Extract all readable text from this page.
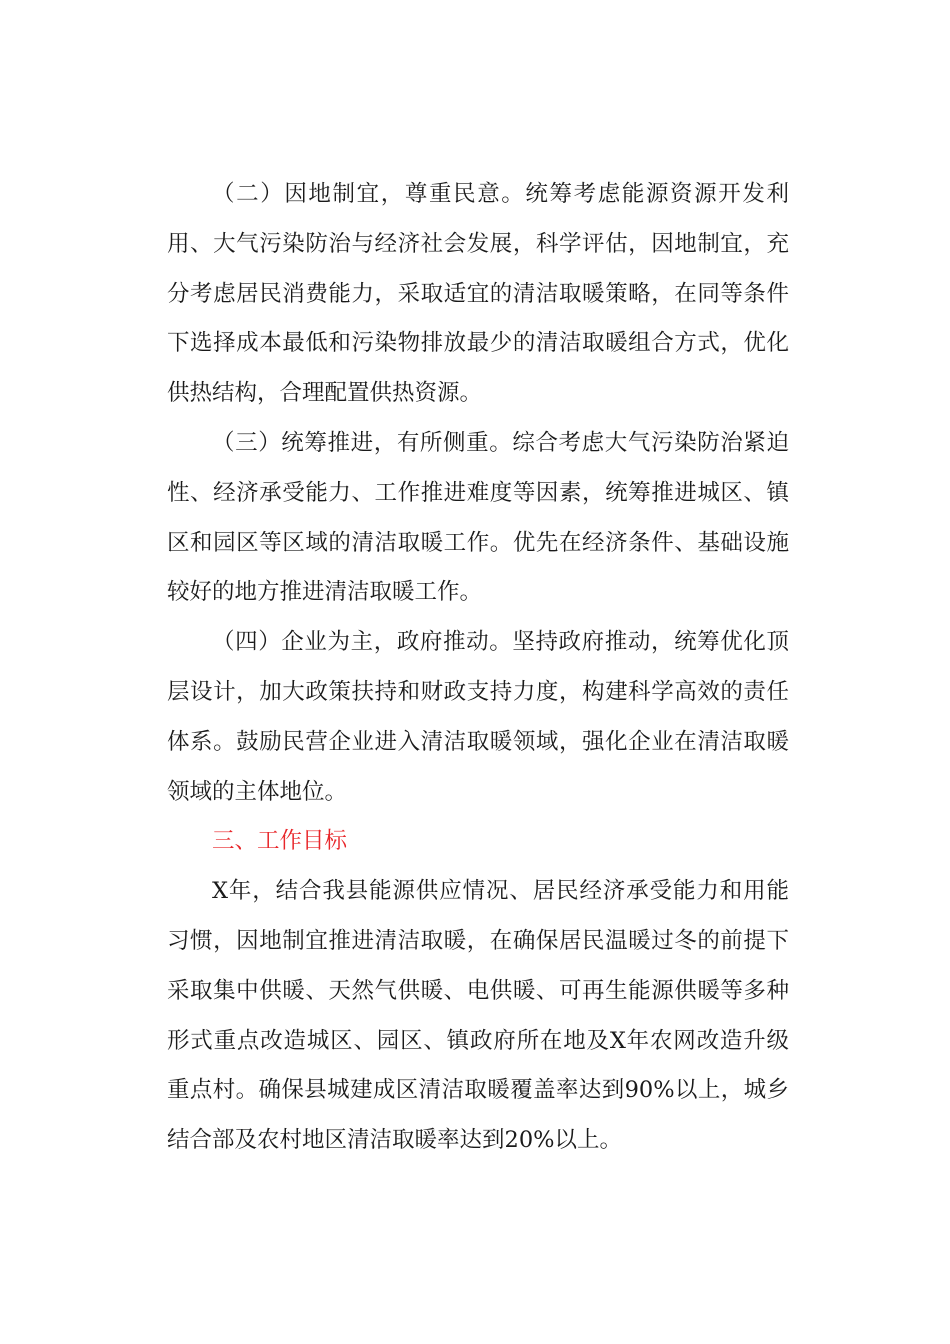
（二）因地制宜，尊重民意。统筹考虑能源资源开发利用、大气污染防治与经济社会发展，科学评估，因地制宜，充分考虑居民消费能力，采取适宜的清洁取暖策略，在同等条件下选择成本最低和污染物排放最少的清洁取暖组合方式，优化供热结构，合理配置供热资源。

（三）统筹推进，有所侧重。综合考虑大气污染防治紧迫性、经济承受能力、工作推进难度等因素，统筹推进城区、镇区和园区等区域的清洁取暖工作。优先在经济条件、基础设施较好的地方推进清洁取暖工作。

（四）企业为主，政府推动。坚持政府推动，统筹优化顶层设计，加大政策扶持和财政支持力度，构建科学高效的责任体系。鼓励民营企业进入清洁取暖领域，强化企业在清洁取暖领域的主体地位。

三、工作目标

X年，结合我县能源供应情况、居民经济承受能力和用能习惯，因地制宜推进清洁取暖，在确保居民温暖过冬的前提下采取集中供暖、天然气供暖、电供暖、可再生能源供暖等多种形式重点改造城区、园区、镇政府所在地及X年农网改造升级重点村。确保县城建成区清洁取暖覆盖率达到90%以上，城乡结合部及农村地区清洁取暖率达到20%以上。
